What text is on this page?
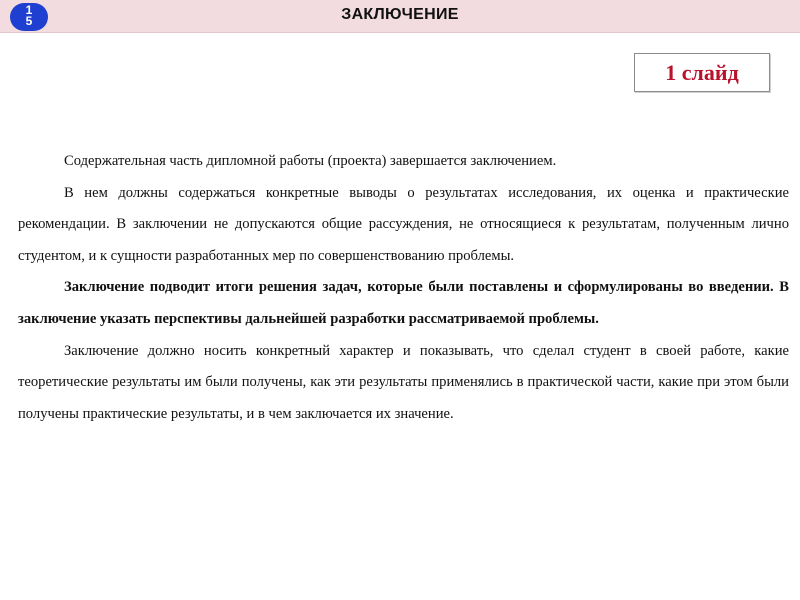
15	ЗАКЛЮЧЕНИЕ
1 слайд

Содержательная часть дипломной работы (проекта) завершается заключением.

В нем должны содержаться конкретные выводы о результатах исследования, их оценка и практические рекомендации. В заключении не допускаются общие рассуждения, не относящиеся к результатам, полученным лично студентом, и к сущности разработанных мер по совершенствованию проблемы.

Заключение подводит итоги решения задач, которые были поставлены и сформулированы во введении. В заключение указать перспективы дальнейшей разработки рассматриваемой проблемы.

Заключение должно носить конкретный характер и показывать, что сделал студент в своей работе, какие теоретические результаты им были получены, как эти результаты применялись в практической части, какие при этом были получены практические результаты, и в чем заключается их значение.
